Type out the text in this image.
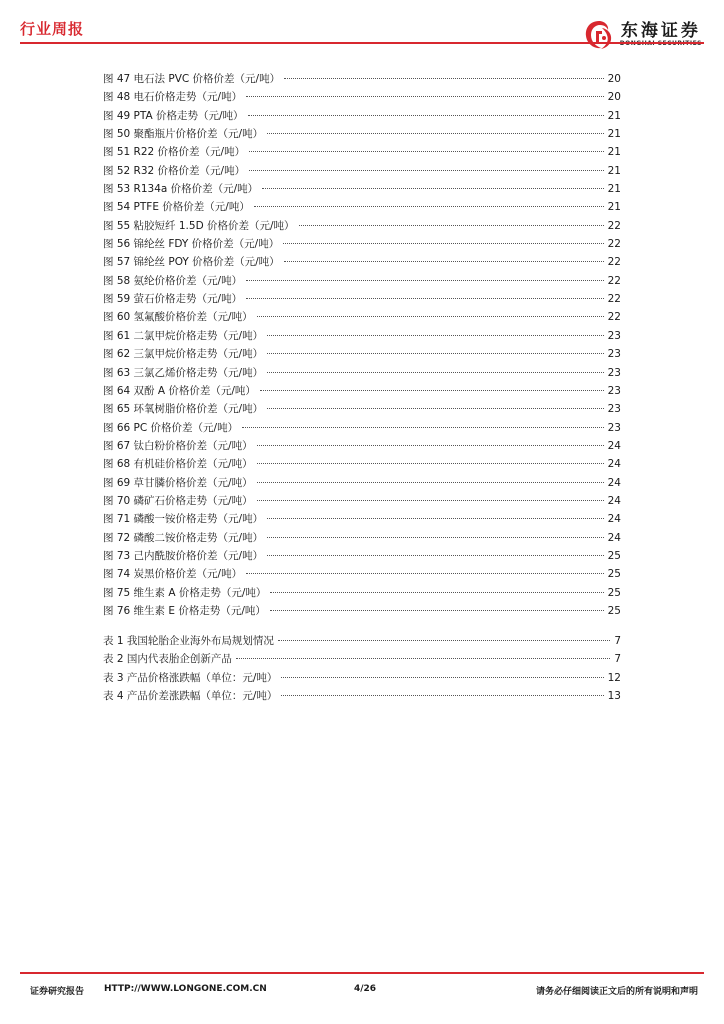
行业周报	东海证券
图 47 电石法 PVC 价格价差（元/吨）	20
图 48 电石价格走势（元/吨）	20
图 49 PTA 价格走势（元/吨）	21
图 50 聚酯瓶片价格价差（元/吨）	21
图 51 R22 价格价差（元/吨）	21
图 52 R32 价格价差（元/吨）	21
图 53 R134a 价格价差（元/吨）	21
图 54 PTFE 价格价差（元/吨）	21
图 55 粘胶短纤 1.5D 价格价差（元/吨）	22
图 56 锦纶丝 FDY 价格价差（元/吨）	22
图 57 锦纶丝 POY 价格价差（元/吨）	22
图 58 氨纶价格价差（元/吨）	22
图 59 萤石价格走势（元/吨）	22
图 60 氢氟酸价格价差（元/吨）	22
图 61 二氯甲烷价格走势（元/吨）	23
图 62 三氯甲烷价格走势（元/吨）	23
图 63 三氯乙烯价格走势（元/吨）	23
图 64 双酚 A 价格价差（元/吨）	23
图 65 环氧树脂价格价差（元/吨）	23
图 66 PC 价格价差（元/吨）	23
图 67 钛白粉价格价差（元/吨）	24
图 68 有机硅价格价差（元/吨）	24
图 69 草甘膦价格价差（元/吨）	24
图 70 磷矿石价格走势（元/吨）	24
图 71 磷酸一铵价格走势（元/吨）	24
图 72 磷酸二铵价格走势（元/吨）	24
图 73 己内酰胺价格价差（元/吨）	25
图 74 炭黑价格价差（元/吨）	25
图 75 维生素 A 价格走势（元/吨）	25
图 76 维生素 E 价格走势（元/吨）	25
表 1 我国轮胎企业海外布局规划情况	7
表 2 国内代表胎企创新产品	7
表 3 产品价格涨跌幅（单位：元/吨）	12
表 4 产品价差涨跌幅（单位：元/吨）	13
证券研究报告 HTTP://WWW.LONGONE.COM.CN	4/26	请务必仔细阅读正文后的所有说明和声明
